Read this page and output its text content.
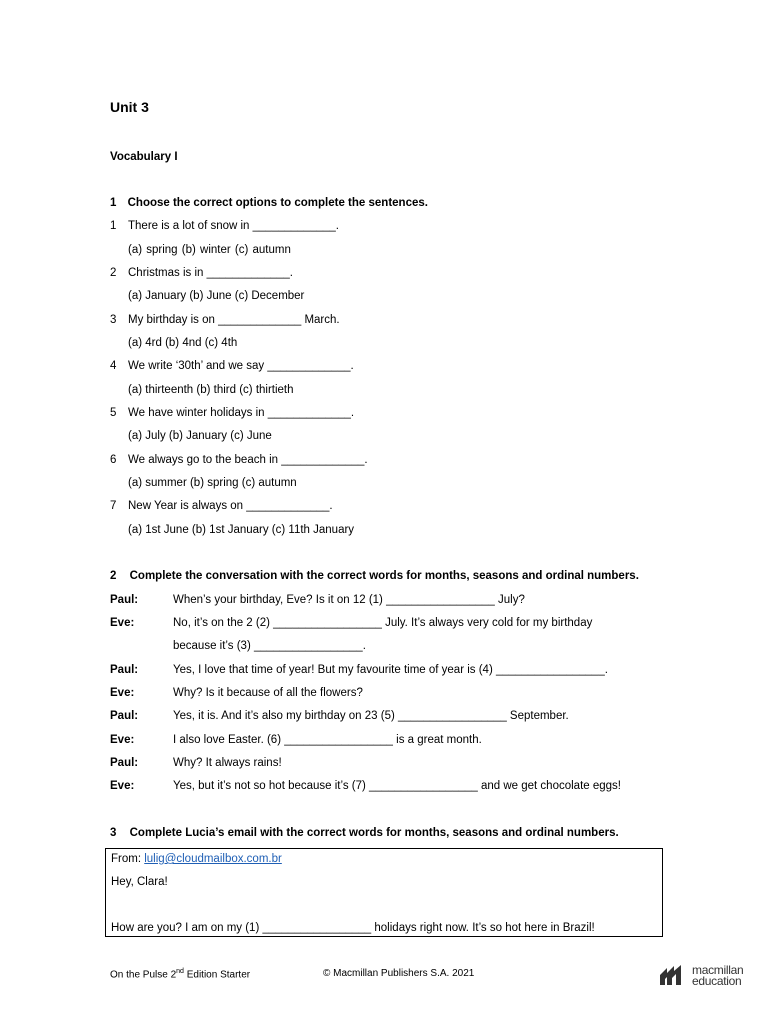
Unit 3
Vocabulary I
1 Choose the correct options to complete the sentences.
1 There is a lot of snow in _____________.
(a) spring (b) winter (c) autumn
2 Christmas is in _____________.
(a) January (b) June (c) December
3 My birthday is on _____________ March.
(a) 4rd (b) 4nd (c) 4th
4 We write ‘30th’ and we say _____________.
(a) thirteenth (b) third (c) thirtieth
5 We have winter holidays in _____________.
(a) July (b) January (c) June
6 We always go to the beach in _____________.
(a) summer (b) spring (c) autumn
7 New Year is always on _____________.
(a) 1st June (b) 1st January (c) 11th January
2 Complete the conversation with the correct words for months, seasons and ordinal numbers.
Paul:	When’s your birthday, Eve? Is it on 12 (1) _________________ July?
Eve:	No, it’s on the 2 (2) _________________ July. It’s always very cold for my birthday
because it’s (3) _________________.
Paul:	Yes, I love that time of year! But my favourite time of year is (4) _________________.
Eve:	Why? Is it because of all the flowers?
Paul:	Yes, it is. And it’s also my birthday on 23 (5) _________________ September.
Eve:	I also love Easter. (6) _________________ is a great month.
Paul:	Why? It always rains!
Eve:	Yes, but it’s not so hot because it’s (7) _________________ and we get chocolate eggs!
3 Complete Lucia’s email with the correct words for months, seasons and ordinal numbers.
From: lulig@cloudmailbox.com.br
Hey, Clara!
How are you? I am on my (1) _________________ holidays right now. It’s so hot here in Brazil!
On the Pulse 2nd Edition Starter	© Macmillan Publishers S.A. 2021	macmillan
education
